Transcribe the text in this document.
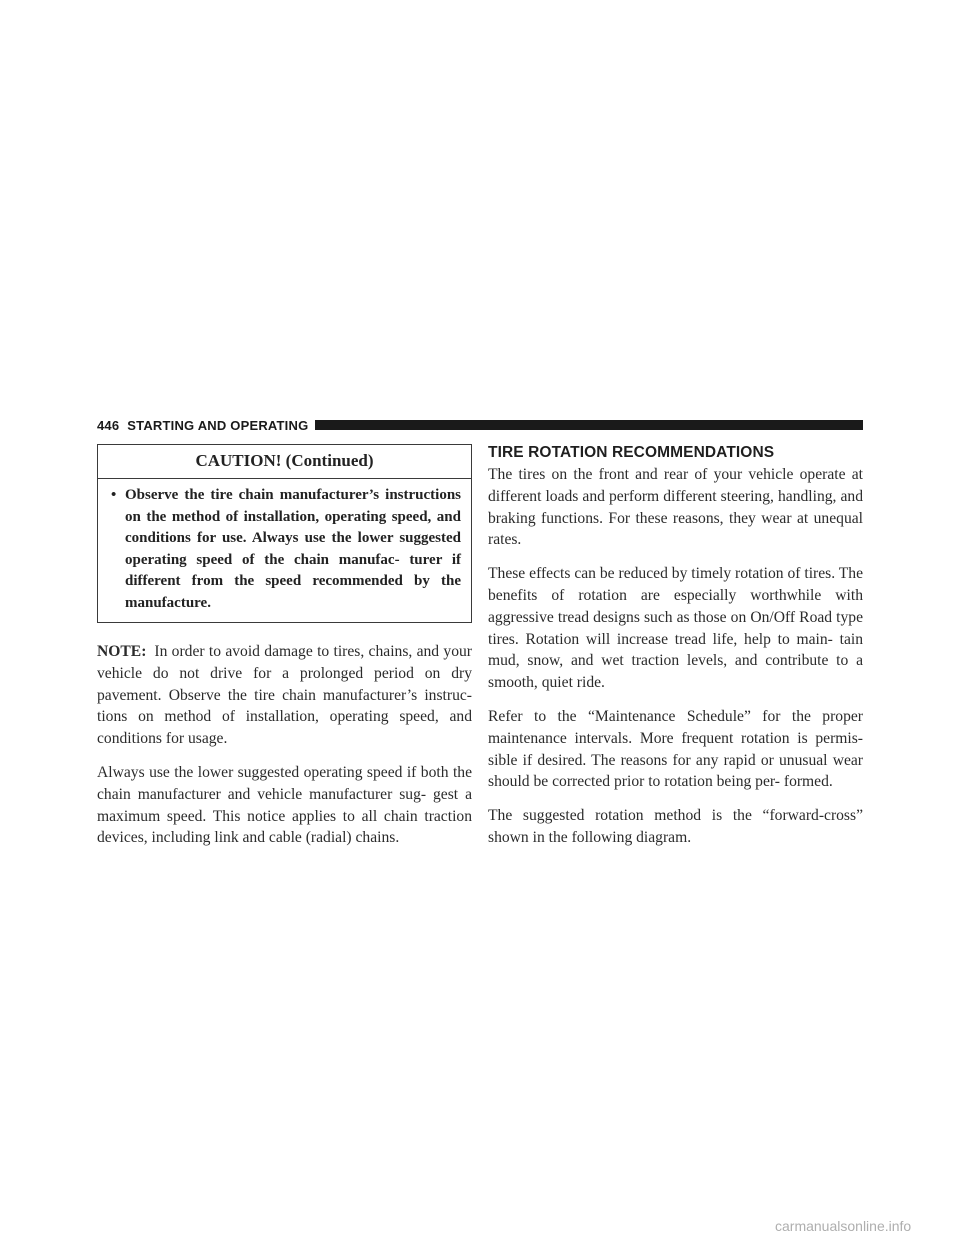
446 STARTING AND OPERATING
CAUTION! (Continued)
• Observe the tire chain manufacturer’s instructions on the method of installation, operating speed, and conditions for use. Always use the lower suggested operating speed of the chain manufac- turer if different from the speed recommended by the manufacture.

NOTE: In order to avoid damage to tires, chains, and your vehicle do not drive for a prolonged period on dry pavement. Observe the tire chain manufacturer’s instruc- tions on method of installation, operating speed, and conditions for usage.

Always use the lower suggested operating speed if both the chain manufacturer and vehicle manufacturer sug- gest a maximum speed. This notice applies to all chain traction devices, including link and cable (radial) chains.

TIRE ROTATION RECOMMENDATIONS

The tires on the front and rear of your vehicle operate at different loads and perform different steering, handling, and braking functions. For these reasons, they wear at unequal rates.

These effects can be reduced by timely rotation of tires. The benefits of rotation are especially worthwhile with aggressive tread designs such as those on On/Off Road type tires. Rotation will increase tread life, help to main- tain mud, snow, and wet traction levels, and contribute to a smooth, quiet ride.

Refer to the “Maintenance Schedule” for the proper maintenance intervals. More frequent rotation is permis- sible if desired. The reasons for any rapid or unusual wear should be corrected prior to rotation being per- formed.

The suggested rotation method is the “forward-cross” shown in the following diagram.

carmanualsonline.info
